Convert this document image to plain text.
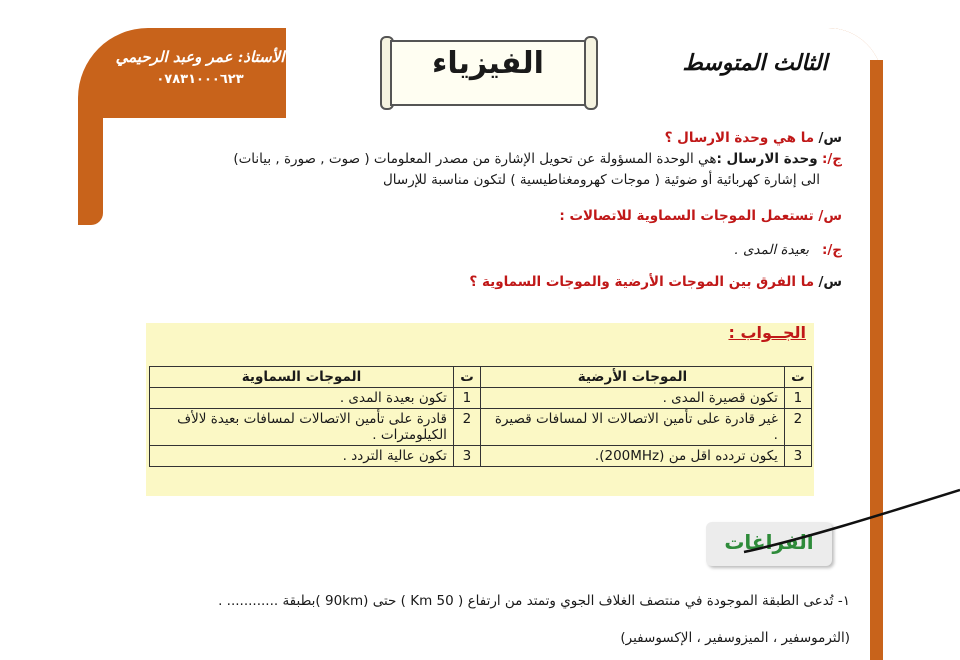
الأستاذ: عمر وعبد الرحيمي
٠٧٨٣١٠٠٠٦٢٣	الفيزياء	الثالث المتوسط
س/ ما هي وحدة الارسال ؟
ج/: وحدة الارسال :هي الوحدة المسؤولة عن تحويل الإشارة من مصدر المعلومات ( صوت , صورة , بيانات)
الى إشارة كهربائية أو ضوئية ( موجات كهرومغناطيسية ) لتكون مناسبة للإرسال
س/ تستعمل الموجات السماوية للاتصالات :
ج/:   بعيدة المدى .
س/ ما الفرق بين الموجات الأرضية والموجات السماوية ؟
الجــواب :
ت	الموجات الأرضية	ت	الموجات السماوية
1	تكون قصيرة المدى .	1	تكون بعيدة المدى .
2	غير قادرة على تأمين الاتصالات الا لمسافات قصيرة .	2	قادرة على تأمين الاتصالات لمسافات بعيدة لالأف الكيلومترات .
3	يكون تردده اقل من (200MHz).	3	تكون عالية التردد .
الفراغات
١- تُدعى الطبقة الموجودة في منتصف الغلاف الجوي وتمتد من ارتفاع ( 50 Km ) حتى (90km )بطبقة ............ .
(الثرموسفير ، الميزوسفير ، الإكسوسفير)
